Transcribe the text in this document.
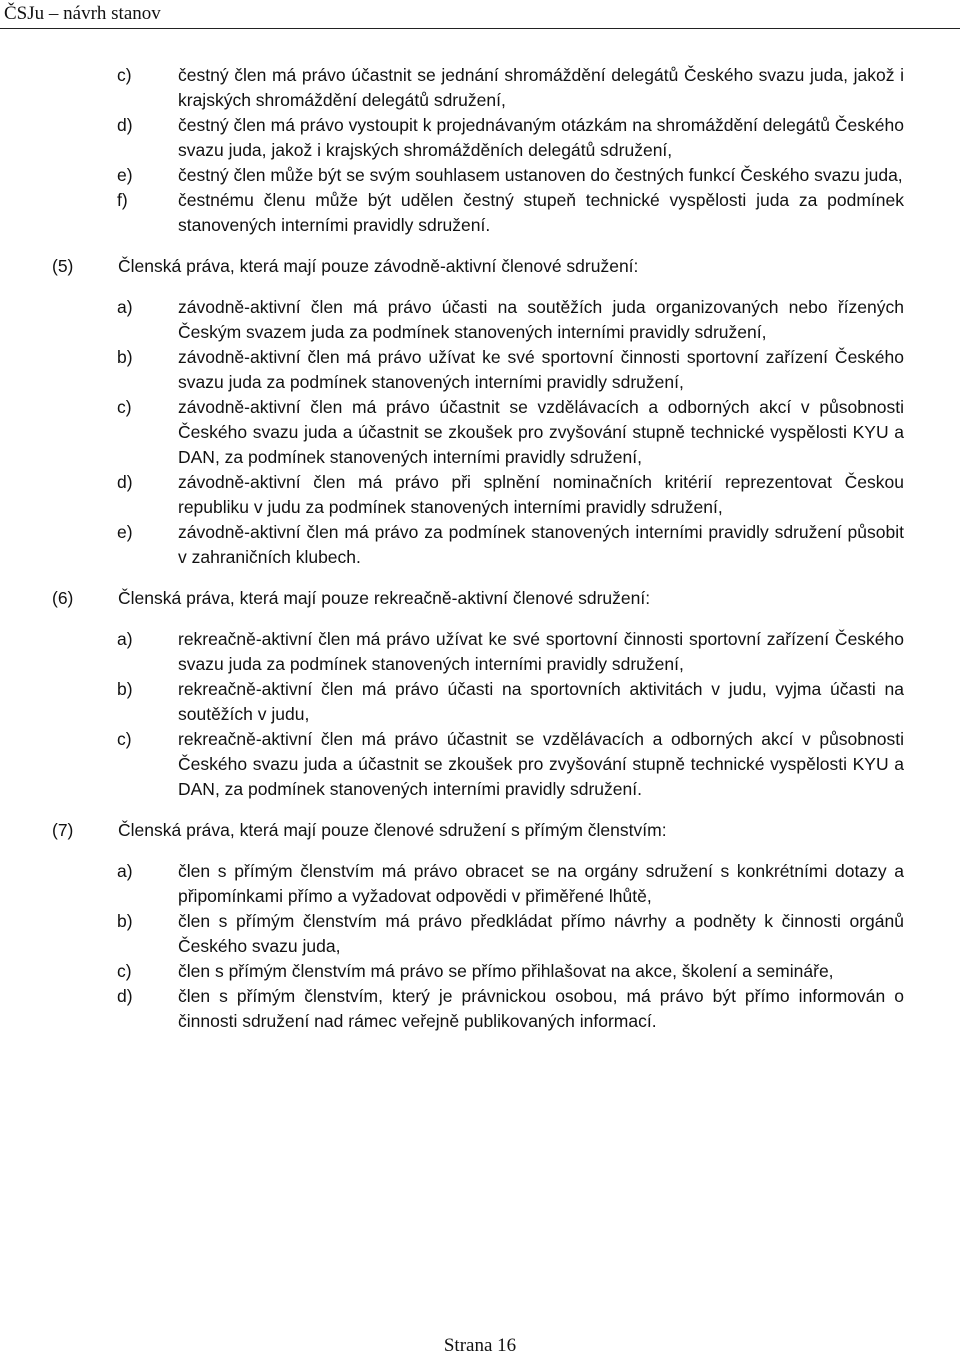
ČSJu – návrh stanov
c)	čestný člen má právo účastnit se jednání shromáždění delegátů Českého svazu juda, jakož i krajských shromáždění delegátů sdružení,
d)	čestný člen má právo vystoupit k projednávaným otázkám na shromáždění delegátů Českého svazu juda, jakož i krajských shromážděních delegátů sdružení,
e)	čestný člen může být se svým souhlasem ustanoven do čestných funkcí Českého svazu juda,
f)	čestnému členu může být udělen čestný stupeň technické vyspělosti juda za podmínek stanovených interními pravidly sdružení.
(5)	Členská práva, která mají pouze závodně-aktivní členové sdružení:
a)	závodně-aktivní člen má právo účasti na soutěžích juda organizovaných nebo řízených Českým svazem juda za podmínek stanovených interními pravidly sdružení,
b)	závodně-aktivní člen má právo užívat ke své sportovní činnosti sportovní zařízení Českého svazu juda za podmínek stanovených interními pravidly sdružení,
c)	závodně-aktivní člen má právo účastnit se vzdělávacích a odborných akcí v působnosti Českého svazu juda a účastnit se zkoušek pro zvyšování stupně technické vyspělosti KYU a DAN, za podmínek stanovených interními pravidly sdružení,
d)	závodně-aktivní člen má právo při splnění nominačních kritérií reprezentovat Českou republiku v judu za podmínek stanovených interními pravidly sdružení,
e)	závodně-aktivní člen má právo za podmínek stanovených interními pravidly sdružení působit v zahraničních klubech.
(6)	Členská práva, která mají pouze rekreačně-aktivní členové sdružení:
a)	rekreačně-aktivní člen má právo užívat ke své sportovní činnosti sportovní zařízení Českého svazu juda za podmínek stanovených interními pravidly sdružení,
b)	rekreačně-aktivní člen má právo účasti na sportovních aktivitách v judu, vyjma účasti na soutěžích v judu,
c)	rekreačně-aktivní člen má právo účastnit se vzdělávacích a odborných akcí v působnosti Českého svazu juda a účastnit se zkoušek pro zvyšování stupně technické vyspělosti KYU a DAN, za podmínek stanovených interními pravidly sdružení.
(7)	Členská práva, která mají pouze členové sdružení s přímým členstvím:
a)	člen s přímým členstvím má právo obracet se na orgány sdružení s konkrétními dotazy a připomínkami přímo a vyžadovat odpovědi v přiměřené lhůtě,
b)	člen s přímým členstvím má právo předkládat přímo návrhy a podněty k činnosti orgánů Českého svazu juda,
c)	člen s přímým členstvím má právo se přímo přihlašovat na akce, školení a semináře,
d)	člen s přímým členstvím, který je právnickou osobou, má právo být přímo informován o činnosti sdružení nad rámec veřejně publikovaných informací.
Strana 16
